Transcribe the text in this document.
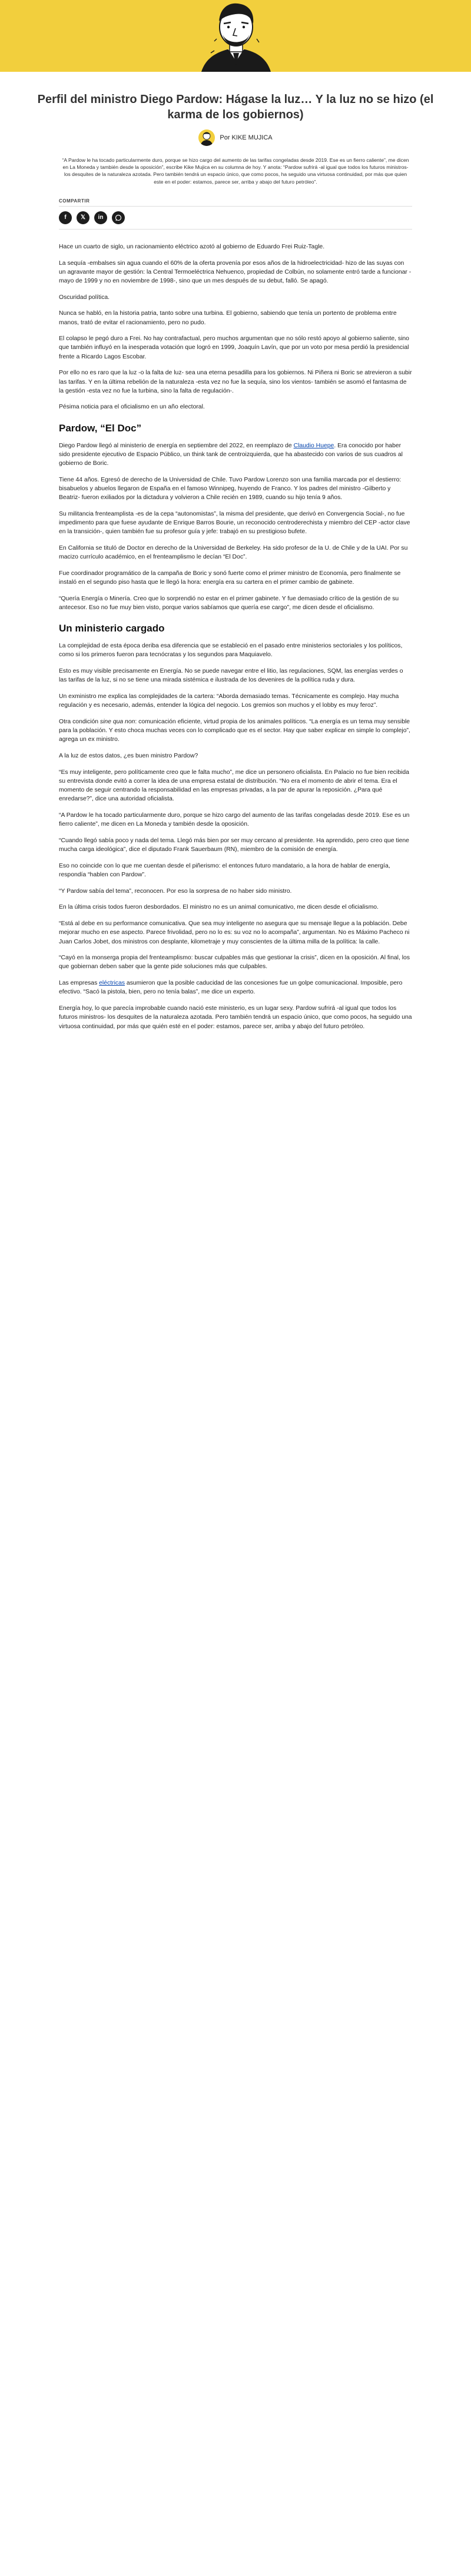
Perfil del ministro Diego Pardow: Hágase la luz… Y la luz no se hizo (el karma de los gobiernos)
Por KIKE MUJICA

“A Pardow le ha tocado particularmente duro, porque se hizo cargo del aumento de las tarifas congeladas desde 2019. Ese es un fierro caliente”, me dicen en La Moneda y también desde la oposición”, escribe Kike Mujica en su columna de hoy. Y anota: “Pardow sufrirá -al igual que todos los futuros ministros- los desquites de la naturaleza azotada. Pero también tendrá un espacio único, que como pocos, ha seguido una virtuosa continuidad, por más que quien este en el poder: estamos, parece ser, arriba y abajo del futuro petróleo”.

COMPARTIR
f	𝕏	in

Hace un cuarto de siglo, un racionamiento eléctrico azotó al gobierno de Eduardo Frei Ruiz-Tagle.

La sequía -embalses sin agua cuando el 60% de la oferta provenía por esos años de la hidroelectricidad- hizo de las suyas con un agravante mayor de gestión: la Central Termoeléctrica Nehuenco, propiedad de Colbún, no solamente entró tarde a funcionar -mayo de 1999 y no en noviembre de 1998-, sino que un mes después de su debut, falló. Se apagó.

Oscuridad política.

Nunca se habló, en la historia patria, tanto sobre una turbina. El gobierno, sabiendo que tenía un portento de problema entre manos, trató de evitar el racionamiento, pero no pudo.

El colapso le pegó duro a Frei. No hay contrafactual, pero muchos argumentan que no sólo restó apoyo al gobierno saliente, sino que también influyó en la inesperada votación que logró en 1999, Joaquín Lavín, que por un voto por mesa perdió la presidencial frente a Ricardo Lagos Escobar.

Por ello no es raro que la luz -o la falta de luz- sea una eterna pesadilla para los gobiernos. Ni Piñera ni Boric se atrevieron a subir las tarifas. Y en la última rebelión de la naturaleza -esta vez no fue la sequía, sino los vientos- también se asomó el fantasma de la gestión -esta vez no fue la turbina, sino la falta de regulación-.

Pésima noticia para el oficialismo en un año electoral.

Pardow, “El Doc”

Diego Pardow llegó al ministerio de energía en septiembre del 2022, en reemplazo de Claudio Huepe. Era conocido por haber sido presidente ejecutivo de Espacio Público, un think tank de centroizquierda, que ha abastecido con varios de sus cuadros al gobierno de Boric.

Tiene 44 años. Egresó de derecho de la Universidad de Chile. Tuvo Pardow Lorenzo son una familia marcada por el destierro: bisabuelos y abuelos llegaron de España en el famoso Winnipeg, huyendo de Franco. Y los padres del ministro -Gilberto y Beatriz- fueron exiliados por la dictadura y volvieron a Chile recién en 1989, cuando su hijo tenía 9 años.

Su militancia frenteamplista -es de la cepa “autonomistas”, la misma del presidente, que derivó en Convergencia Social-, no fue impedimento para que fuese ayudante de Enrique Barros Bourie, un reconocido centroderechista y miembro del CEP -actor clave en la transición-, quien también fue su profesor guía y jefe: trabajó en su prestigioso bufete.

En California se tituló de Doctor en derecho de la Universidad de Berkeley. Ha sido profesor de la U. de Chile y de la UAI. Por su macizo currículo académico, en el frenteamplismo le decían “El Doc”.

Fue coordinador programático de la campaña de Boric y sonó fuerte como el primer ministro de Economía, pero finalmente se instaló en el segundo piso hasta que le llegó la hora: energía era su cartera en el primer cambio de gabinete.

“Quería Energía o Minería. Creo que lo sorprendió no estar en el primer gabinete. Y fue demasiado crítico de la gestión de su antecesor. Eso no fue muy bien visto, porque varios sabíamos que quería ese cargo”, me dicen desde el oficialismo.

Un ministerio cargado

La complejidad de esta época deriba esa diferencia que se estableció en el pasado entre ministerios sectoriales y los políticos, como si los primeros fueron para tecnócratas y los segundos para Maquiavelo.

Esto es muy visible precisamente en Energía. No se puede navegar entre el litio, las regulaciones, SQM, las energías verdes o las tarifas de la luz, si no se tiene una mirada sistémica e ilustrada de los devenires de la política ruda y dura.

Un exministro me explica las complejidades de la cartera: “Aborda demasiado temas. Técnicamente es complejo. Hay mucha regulación y es necesario, además, entender la lógica del negocio. Los gremios son muchos y el lobby es muy feroz”.

Otra condición sine qua non: comunicación eficiente, virtud propia de los animales políticos. “La energía es un tema muy sensible para la población. Y esto choca muchas veces con lo complicado que es el sector. Hay que saber explicar en simple lo complejo”, agrega un ex ministro.

A la luz de estos datos, ¿es buen ministro Pardow?

“Es muy inteligente, pero políticamente creo que le falta mucho”, me dice un personero oficialista. En Palacio no fue bien recibida su entrevista donde evitó a correr la idea de una empresa estatal de distribución. “No era el momento de abrir el tema. Era el momento de seguir centrando la responsabilidad en las empresas privadas, a la par de apurar la reposición. ¿Para qué enredarse?”, dice una autoridad oficialista.

“A Pardow le ha tocado particularmente duro, porque se hizo cargo del aumento de las tarifas congeladas desde 2019. Ese es un fierro caliente”, me dicen en La Moneda y también desde la oposición.

“Cuando llegó sabía poco y nada del tema. Llegó más bien por ser muy cercano al presidente. Ha aprendido, pero creo que tiene mucha carga ideológica”, dice el diputado Frank Sauerbaum (RN), miembro de la comisión de energía.

Eso no coincide con lo que me cuentan desde el piñerismo: el entonces futuro mandatario, a la hora de hablar de energía, respondía “hablen con Pardow”.

“Y Pardow sabía del tema”, reconocen. Por eso la sorpresa de no haber sido ministro.

En la última crisis todos fueron desbordados. El ministro no es un animal comunicativo, me dicen desde el oficialismo.

“Está al debe en su performance comunicativa. Que sea muy inteligente no asegura que su mensaje llegue a la población. Debe mejorar mucho en ese aspecto. Parece frivolidad, pero no lo es: su voz no lo acompaña”, argumentan. No es Máximo Pacheco ni Juan Carlos Jobet, dos ministros con desplante, kilometraje y muy conscientes de la última milla de la política: la calle.

“Cayó en la monserga propia del frenteamplismo: buscar culpables más que gestionar la crisis”, dicen en la oposición. Al final, los que gobiernan deben saber que la gente pide soluciones más que culpables.

Las empresas eléctricas asumieron que la posible caducidad de las concesiones fue un golpe comunicacional. Imposible, pero efectivo. “Sacó la pistola, bien, pero no tenía balas”, me dice un experto.

Energía hoy, lo que parecía improbable cuando nació este ministerio, es un lugar sexy. Pardow sufrirá -al igual que todos los futuros ministros- los desquites de la naturaleza azotada. Pero también tendrá un espacio único, que como pocos, ha seguido una virtuosa continuidad, por más que quién esté en el poder: estamos, parece ser, arriba y abajo del futuro petróleo.
